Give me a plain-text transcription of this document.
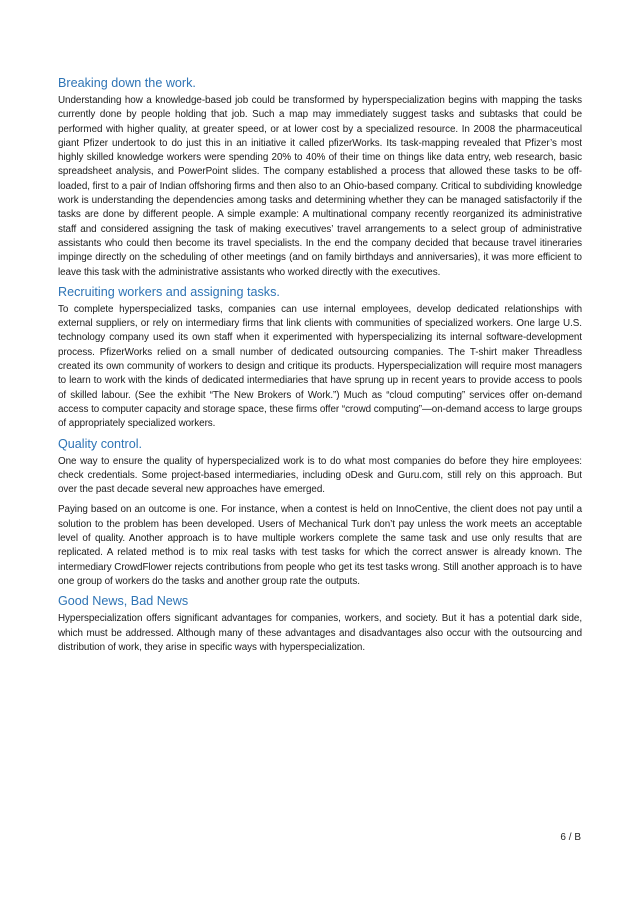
Breaking down the work.

Understanding how a knowledge-based job could be transformed by hyperspecialization begins with mapping the tasks currently done by people holding that job. Such a map may immediately suggest tasks and subtasks that could be performed with higher quality, at greater speed, or at lower cost by a specialized resource. In 2008 the pharmaceutical giant Pfizer undertook to do just this in an initiative it called pfizerWorks. Its task-mapping revealed that Pfizer’s most highly skilled knowledge workers were spending 20% to 40% of their time on things like data entry, web research, basic spreadsheet analysis, and PowerPoint slides. The company established a process that allowed these tasks to be off-loaded, first to a pair of Indian offshoring firms and then also to an Ohio-based company. Critical to subdividing knowledge work is understanding the dependencies among tasks and determining whether they can be managed satisfactorily if the tasks are done by different people. A simple example: A multinational company recently reorganized its administrative staff and considered assigning the task of making executives’ travel arrangements to a select group of administrative assistants who could then become its travel specialists. In the end the company decided that because travel itineraries impinge directly on the scheduling of other meetings (and on family birthdays and anniversaries), it was more efficient to leave this task with the administrative assistants who worked directly with the executives.

Recruiting workers and assigning tasks.

To complete hyperspecialized tasks, companies can use internal employees, develop dedicated relationships with external suppliers, or rely on intermediary firms that link clients with communities of specialized workers. One large U.S. technology company used its own staff when it experimented with hyperspecializing its internal software-development process. PfizerWorks relied on a small number of dedicated outsourcing companies. The T-shirt maker Threadless created its own community of workers to design and critique its products. Hyperspecialization will require most managers to learn to work with the kinds of dedicated intermediaries that have sprung up in recent years to provide access to pools of skilled labour. (See the exhibit “The New Brokers of Work.”) Much as “cloud computing” services offer on-demand access to computer capacity and storage space, these firms offer “crowd computing”—on-demand access to large groups of appropriately specialized workers.

Quality control.

One way to ensure the quality of hyperspecialized work is to do what most companies do before they hire employees: check credentials. Some project-based intermediaries, including oDesk and Guru.com, still rely on this approach. But over the past decade several new approaches have emerged.

Paying based on an outcome is one. For instance, when a contest is held on InnoCentive, the client does not pay until a solution to the problem has been developed. Users of Mechanical Turk don’t pay unless the work meets an acceptable level of quality. Another approach is to have multiple workers complete the same task and use only results that are replicated. A related method is to mix real tasks with test tasks for which the correct answer is already known. The intermediary CrowdFlower rejects contributions from people who get its test tasks wrong. Still another approach is to have one group of workers do the tasks and another group rate the outputs.

Good News, Bad News

Hyperspecialization offers significant advantages for companies, workers, and society. But it has a potential dark side, which must be addressed. Although many of these advantages and disadvantages also occur with the outsourcing and distribution of work, they arise in specific ways with hyperspecialization.

6 / B
